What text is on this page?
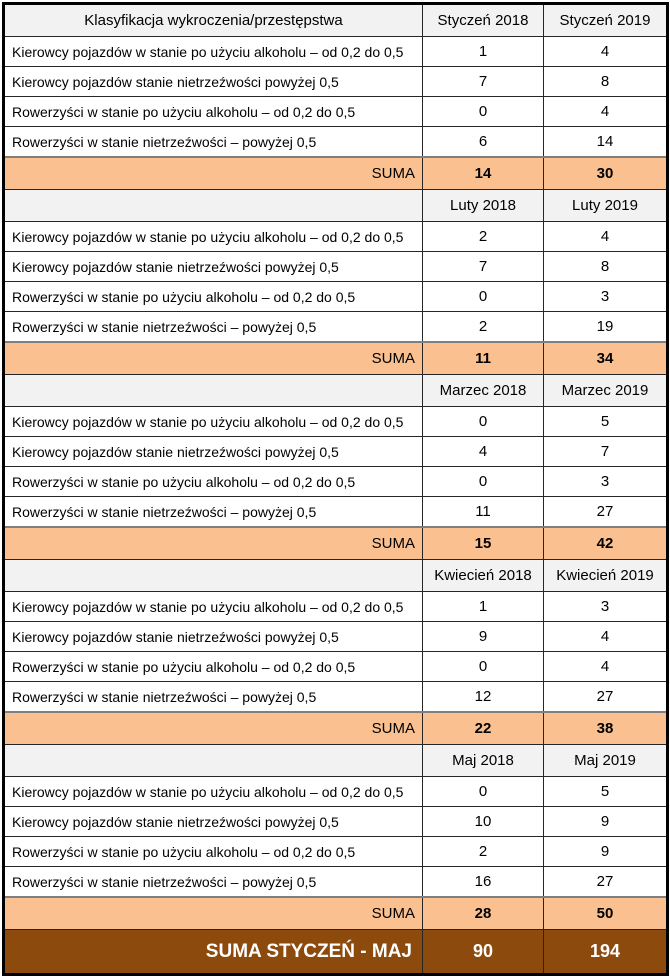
Klasyfikacja wykroczenia/przestępstwa	Styczeń 2018	Styczeń 2019
Kierowcy pojazdów w stanie po użyciu alkoholu – od 0,2 do 0,5	1	4
Kierowcy pojazdów stanie nietrzeźwości powyżej 0,5	7	8
Rowerzyści w stanie po użyciu alkoholu – od 0,2 do 0,5	0	4
Rowerzyści w stanie nietrzeźwości – powyżej 0,5	6	14
SUMA	14	30
	Luty 2018	Luty 2019
Kierowcy pojazdów w stanie po użyciu alkoholu – od 0,2 do 0,5	2	4
Kierowcy pojazdów stanie nietrzeźwości powyżej 0,5	7	8
Rowerzyści w stanie po użyciu alkoholu – od 0,2 do 0,5	0	3
Rowerzyści w stanie nietrzeźwości – powyżej 0,5	2	19
SUMA	11	34
	Marzec 2018	Marzec 2019
Kierowcy pojazdów w stanie po użyciu alkoholu – od 0,2 do 0,5	0	5
Kierowcy pojazdów stanie nietrzeźwości powyżej 0,5	4	7
Rowerzyści w stanie po użyciu alkoholu – od 0,2 do 0,5	0	3
Rowerzyści w stanie nietrzeźwości – powyżej 0,5	11	27
SUMA	15	42
	Kwiecień 2018	Kwiecień 2019
Kierowcy pojazdów w stanie po użyciu alkoholu – od 0,2 do 0,5	1	3
Kierowcy pojazdów stanie nietrzeźwości powyżej 0,5	9	4
Rowerzyści w stanie po użyciu alkoholu – od 0,2 do 0,5	0	4
Rowerzyści w stanie nietrzeźwości – powyżej 0,5	12	27
SUMA	22	38
	Maj 2018	Maj 2019
Kierowcy pojazdów w stanie po użyciu alkoholu – od 0,2 do 0,5	0	5
Kierowcy pojazdów stanie nietrzeźwości powyżej 0,5	10	9
Rowerzyści w stanie po użyciu alkoholu – od 0,2 do 0,5	2	9
Rowerzyści w stanie nietrzeźwości – powyżej 0,5	16	27
SUMA	28	50
SUMA STYCZEŃ - MAJ	90	194
